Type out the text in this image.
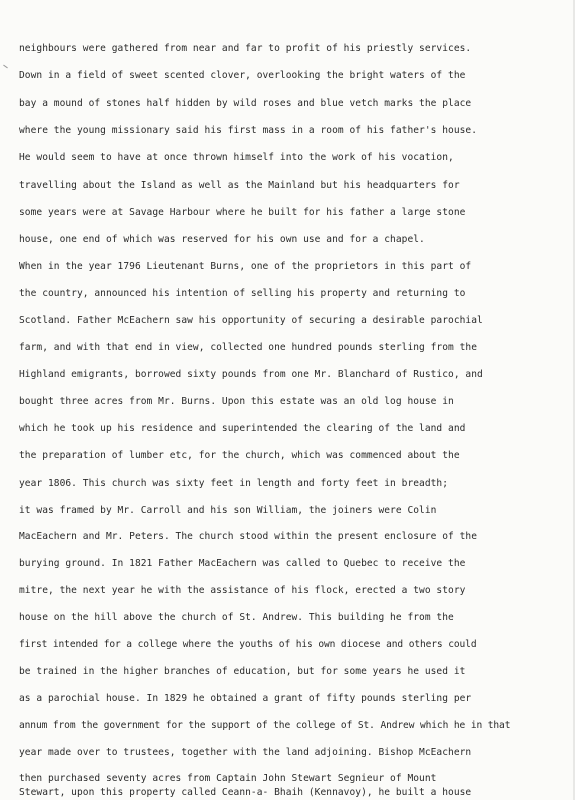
neighbours were gathered from near and far to profit of his priestly services.
Down in a field of sweet scented clover, overlooking the bright waters of the
bay a mound of stones half hidden by wild roses and blue vetch marks the place
where the young missionary said his first mass in a room of his father's house.
He would seem to have at once thrown himself into the work of his vocation,
travelling about the Island as well as the Mainland but his headquarters for
some years were at Savage Harbour where he built for his father a large stone
house, one end of which was reserved for his own use and for a chapel.
When in the year 1796 Lieutenant Burns, one of the proprietors in this part of
the country, announced his intention of selling his property and returning to
Scotland. Father McEachern saw his opportunity of securing a desirable parochial
farm, and with that end in view, collected one hundred pounds sterling from the
Highland emigrants, borrowed sixty pounds from one Mr. Blanchard of Rustico, and
bought three acres from Mr. Burns. Upon this estate was an old log house in
which he took up his residence and superintended the clearing of the land and
the preparation of lumber etc, for the church, which was commenced about the
year 1806. This church was sixty feet in length and forty feet in breadth;
it was framed by Mr. Carroll and his son William, the joiners were Colin
MacEachern and Mr. Peters. The church stood within the present enclosure of the
burying ground. In 1821 Father MacEachern was called to Quebec to receive the
mitre, the next year he with the assistance of his flock, erected a two story
house on the hill above the church of St. Andrew. This building he from the
first intended for a college where the youths of his own diocese and others could
be trained in the higher branches of education, but for some years he used it
as a parochial house. In 1829 he obtained a grant of fifty pounds sterling per
annum from the government for the support of the college of St. Andrew which he in that
year made over to trustees, together with the land adjoining. Bishop McEachern
then purchased seventy acres from Captain John Stewart Segnieur of Mount
Stewart, upon this property called Ceann-a- Bhaih (Kennavoy), he built a house
